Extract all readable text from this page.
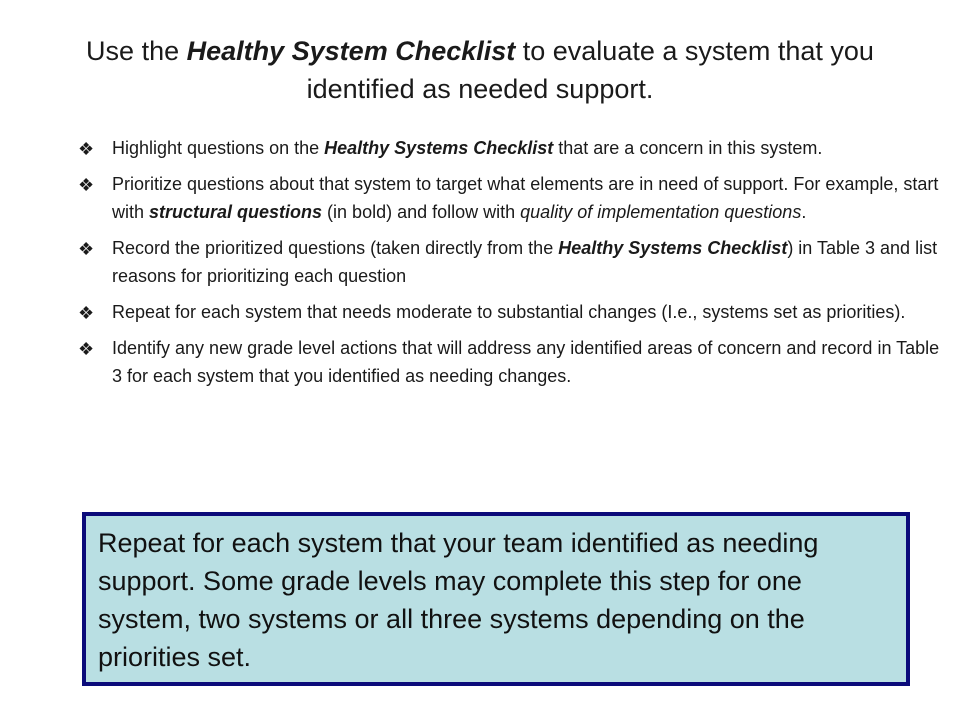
Use the Healthy System Checklist to evaluate a system that you identified as needed support.
❖ Highlight questions on the Healthy Systems Checklist that are a concern in this system.
❖ Prioritize questions about that system to target what elements are in need of support. For example, start with structural questions (in bold) and follow with quality of implementation questions.
❖ Record the prioritized questions (taken directly from the Healthy Systems Checklist) in Table 3 and list reasons for prioritizing each question
❖ Repeat for each system that needs moderate to substantial changes (I.e., systems set as priorities).
❖ Identify any new grade level actions that will address any identified areas of concern and record in Table 3 for each system that you identified as needing changes.

Repeat for each system that your team identified as needing support. Some grade levels may complete this step for one system, two systems or all three systems depending on the priorities set.
